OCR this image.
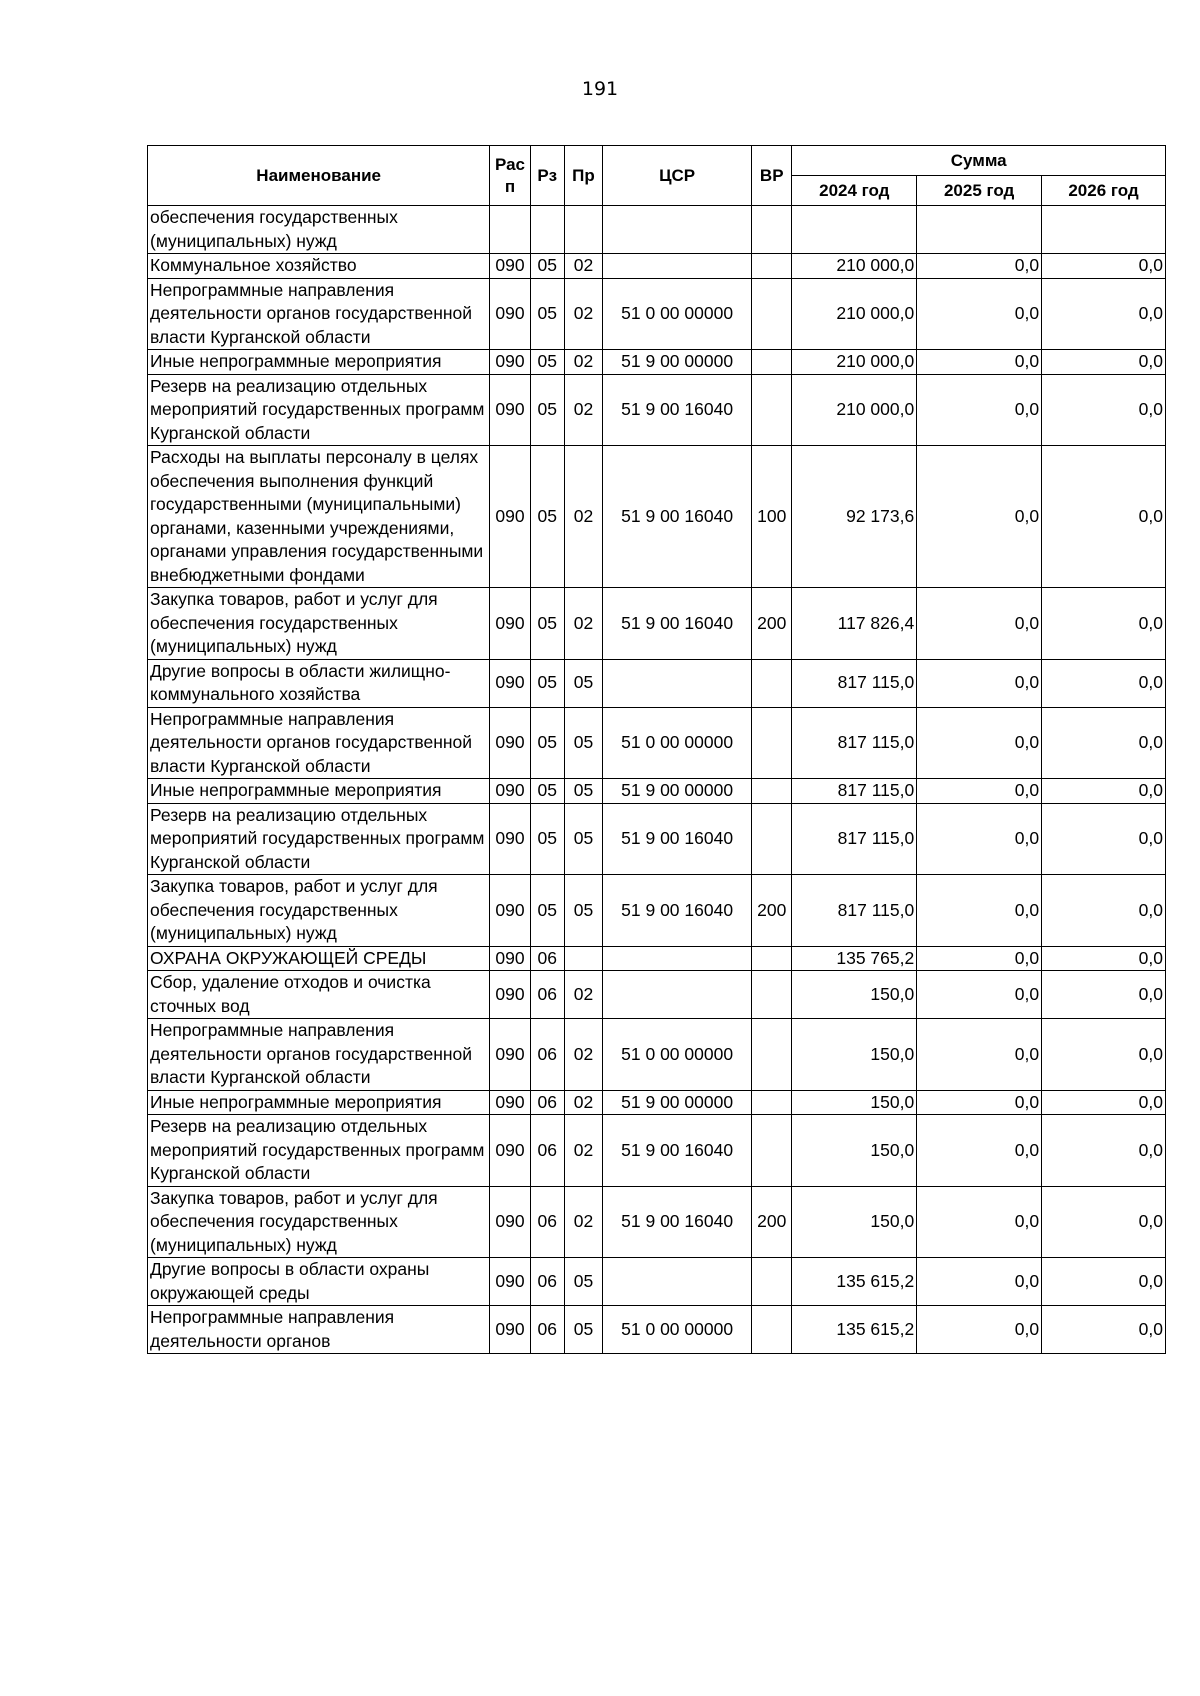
191
Наименование	Рас п	Рз	Пр	ЦСР	ВР	Сумма		
						2024 год	2025 год	2026 год
обеспечения государственных (муниципальных) нужд								
Коммунальное хозяйство	090	05	02			210 000,0	0,0	0,0
Непрограммные направления деятельности органов государственной власти Курганской области	090	05	02	51 0 00 00000		210 000,0	0,0	0,0
Иные непрограммные мероприятия	090	05	02	51 9 00 00000		210 000,0	0,0	0,0
Резерв на реализацию отдельных мероприятий государственных программ Курганской области	090	05	02	51 9 00 16040		210 000,0	0,0	0,0
Расходы на выплаты персоналу в целях обеспечения выполнения функций государственными (муниципальными) органами, казенными учреждениями, органами управления государственными внебюджетными фондами	090	05	02	51 9 00 16040	100	92 173,6	0,0	0,0
Закупка товаров, работ и услуг для обеспечения государственных (муниципальных) нужд	090	05	02	51 9 00 16040	200	117 826,4	0,0	0,0
Другие вопросы в области жилищно-коммунального хозяйства	090	05	05			817 115,0	0,0	0,0
Непрограммные направления деятельности органов государственной власти Курганской области	090	05	05	51 0 00 00000		817 115,0	0,0	0,0
Иные непрограммные мероприятия	090	05	05	51 9 00 00000		817 115,0	0,0	0,0
Резерв на реализацию отдельных мероприятий государственных программ Курганской области	090	05	05	51 9 00 16040		817 115,0	0,0	0,0
Закупка товаров, работ и услуг для обеспечения государственных (муниципальных) нужд	090	05	05	51 9 00 16040	200	817 115,0	0,0	0,0
ОХРАНА ОКРУЖАЮЩЕЙ СРЕДЫ	090	06				135 765,2	0,0	0,0
Сбор, удаление отходов и очистка сточных вод	090	06	02			150,0	0,0	0,0
Непрограммные направления деятельности органов государственной власти Курганской области	090	06	02	51 0 00 00000		150,0	0,0	0,0
Иные непрограммные мероприятия	090	06	02	51 9 00 00000		150,0	0,0	0,0
Резерв на реализацию отдельных мероприятий государственных программ Курганской области	090	06	02	51 9 00 16040		150,0	0,0	0,0
Закупка товаров, работ и услуг для обеспечения государственных (муниципальных) нужд	090	06	02	51 9 00 16040	200	150,0	0,0	0,0
Другие вопросы в области охраны окружающей среды	090	06	05			135 615,2	0,0	0,0
Непрограммные направления деятельности органов	090	06	05	51 0 00 00000		135 615,2	0,0	0,0
